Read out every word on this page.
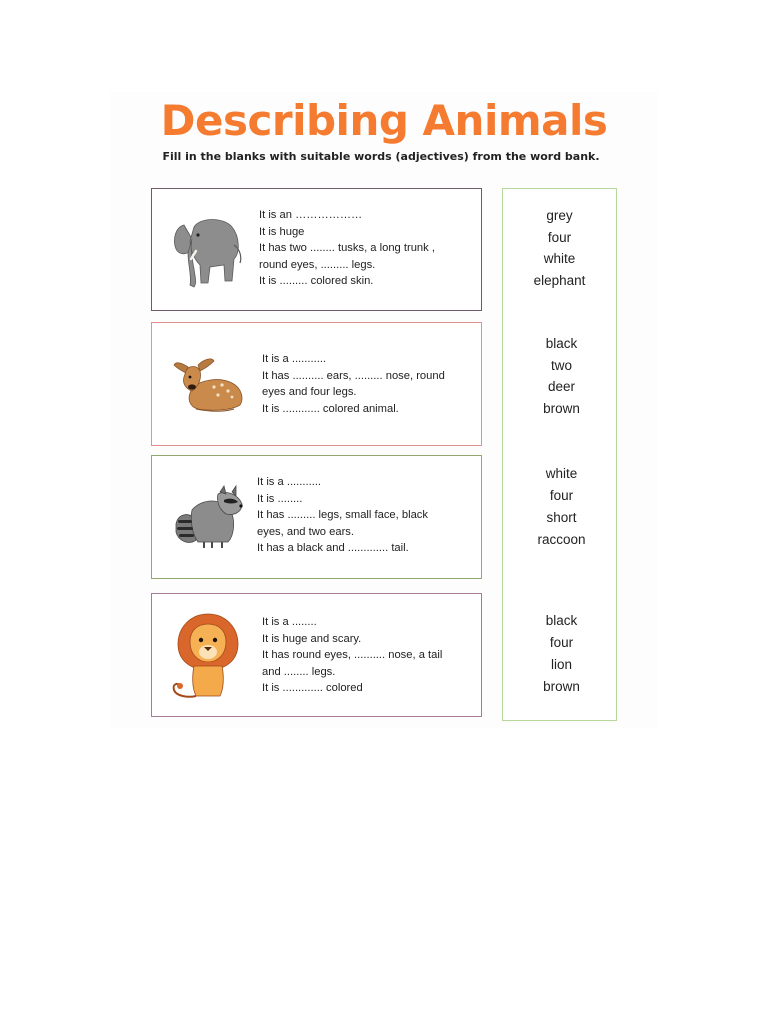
Describing Animals
Fill in the blanks with suitable words (adjectives) from the word bank.
It is an ………………
It is huge
It has two ........ tusks, a long trunk ,
round eyes, ......... legs.
It is ......... colored skin.
It is a ...........
It has .......... ears, ......... nose, round
eyes and four legs.
It is ............ colored animal.
It is a ...........
It is ........
It has ......... legs, small face, black
eyes, and two ears.
It has a black and ............. tail.
It is a ........
It is huge and scary.
It has round eyes, .......... nose, a tail
and ........ legs.
It is ............. colored
grey
four
white
elephant
black
two
deer
brown
white
four
short
raccoon
black
four
lion
brown
